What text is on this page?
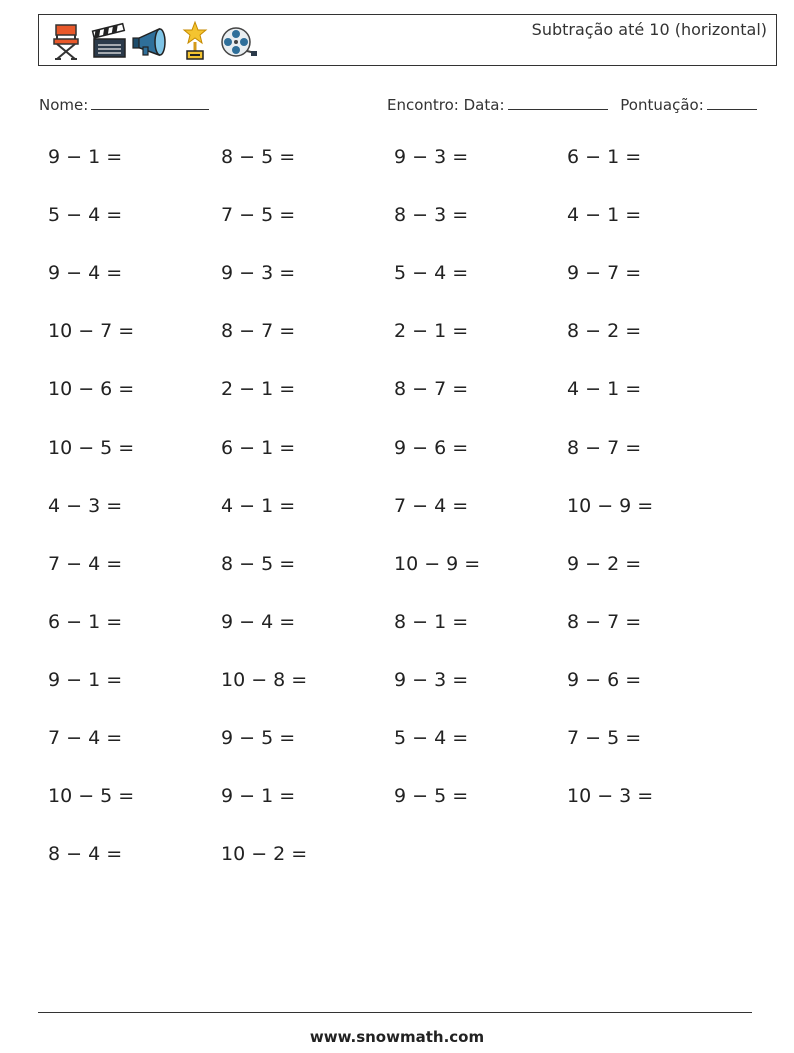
Subtração até 10 (horizontal)
Nome:	Encontro: Data:	Pontuação:
9 − 1 =	8 − 5 =	9 − 3 =	6 − 1 =
5 − 4 =	7 − 5 =	8 − 3 =	4 − 1 =
9 − 4 =	9 − 3 =	5 − 4 =	9 − 7 =
10 − 7 =	8 − 7 =	2 − 1 =	8 − 2 =
10 − 6 =	2 − 1 =	8 − 7 =	4 − 1 =
10 − 5 =	6 − 1 =	9 − 6 =	8 − 7 =
4 − 3 =	4 − 1 =	7 − 4 =	10 − 9 =
7 − 4 =	8 − 5 =	10 − 9 =	9 − 2 =
6 − 1 =	9 − 4 =	8 − 1 =	8 − 7 =
9 − 1 =	10 − 8 =	9 − 3 =	9 − 6 =
7 − 4 =	9 − 5 =	5 − 4 =	7 − 5 =
10 − 5 =	9 − 1 =	9 − 5 =	10 − 3 =
8 − 4 =	10 − 2 =
www.snowmath.com
